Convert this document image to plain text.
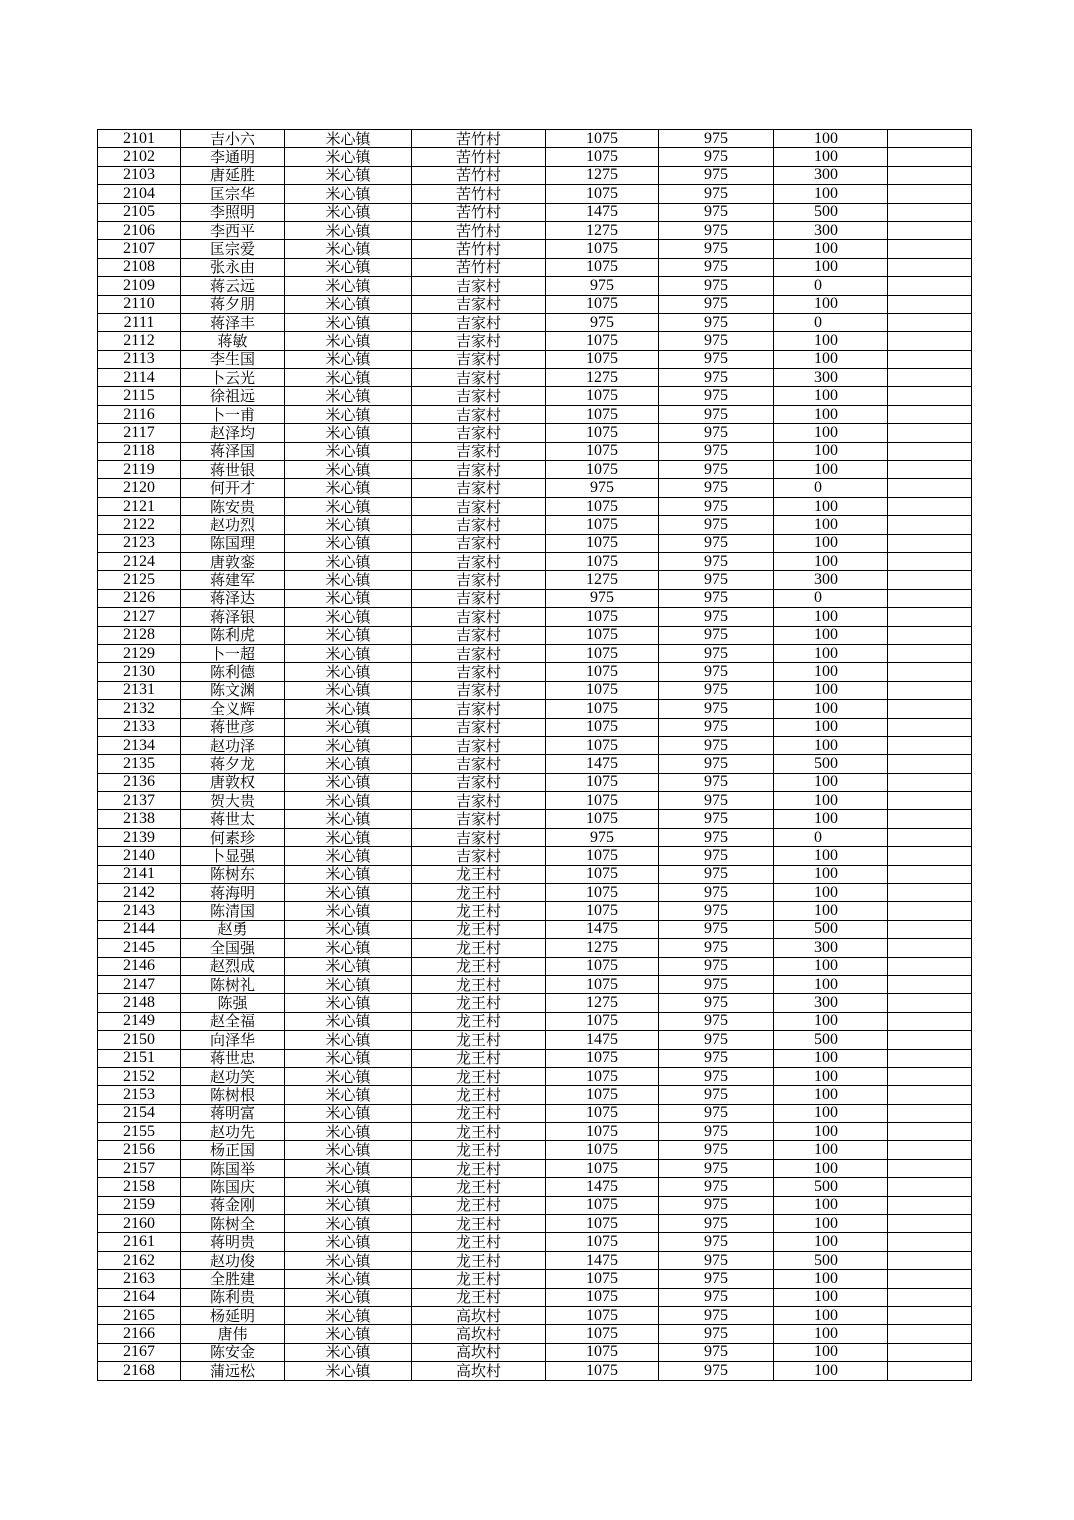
2101	吉小六	米心镇	苦竹村	1075	975	100	
2102	李通明	米心镇	苦竹村	1075	975	100	
2103	唐延胜	米心镇	苦竹村	1275	975	300	
2104	匡宗华	米心镇	苦竹村	1075	975	100	
2105	李照明	米心镇	苦竹村	1475	975	500	
2106	李西平	米心镇	苦竹村	1275	975	300	
2107	匡宗爱	米心镇	苦竹村	1075	975	100	
2108	张永由	米心镇	苦竹村	1075	975	100	
2109	蒋云远	米心镇	吉家村	975	975	0	
2110	蒋夕朋	米心镇	吉家村	1075	975	100	
2111	蒋泽丰	米心镇	吉家村	975	975	0	
2112	蒋敏	米心镇	吉家村	1075	975	100	
2113	李生国	米心镇	吉家村	1075	975	100	
2114	卜云光	米心镇	吉家村	1275	975	300	
2115	徐祖远	米心镇	吉家村	1075	975	100	
2116	卜一甫	米心镇	吉家村	1075	975	100	
2117	赵泽均	米心镇	吉家村	1075	975	100	
2118	蒋泽国	米心镇	吉家村	1075	975	100	
2119	蒋世银	米心镇	吉家村	1075	975	100	
2120	何开才	米心镇	吉家村	975	975	0	
2121	陈安贵	米心镇	吉家村	1075	975	100	
2122	赵功烈	米心镇	吉家村	1075	975	100	
2123	陈国理	米心镇	吉家村	1075	975	100	
2124	唐敦銮	米心镇	吉家村	1075	975	100	
2125	蒋建军	米心镇	吉家村	1275	975	300	
2126	蒋泽达	米心镇	吉家村	975	975	0	
2127	蒋泽银	米心镇	吉家村	1075	975	100	
2128	陈利虎	米心镇	吉家村	1075	975	100	
2129	卜一超	米心镇	吉家村	1075	975	100	
2130	陈利德	米心镇	吉家村	1075	975	100	
2131	陈文渊	米心镇	吉家村	1075	975	100	
2132	全义辉	米心镇	吉家村	1075	975	100	
2133	蒋世彦	米心镇	吉家村	1075	975	100	
2134	赵功泽	米心镇	吉家村	1075	975	100	
2135	蒋夕龙	米心镇	吉家村	1475	975	500	
2136	唐敦权	米心镇	吉家村	1075	975	100	
2137	贺大贵	米心镇	吉家村	1075	975	100	
2138	蒋世太	米心镇	吉家村	1075	975	100	
2139	何素珍	米心镇	吉家村	975	975	0	
2140	卜显强	米心镇	吉家村	1075	975	100	
2141	陈树东	米心镇	龙王村	1075	975	100	
2142	蒋海明	米心镇	龙王村	1075	975	100	
2143	陈清国	米心镇	龙王村	1075	975	100	
2144	赵勇	米心镇	龙王村	1475	975	500	
2145	全国强	米心镇	龙王村	1275	975	300	
2146	赵烈成	米心镇	龙王村	1075	975	100	
2147	陈树礼	米心镇	龙王村	1075	975	100	
2148	陈强	米心镇	龙王村	1275	975	300	
2149	赵全福	米心镇	龙王村	1075	975	100	
2150	向泽华	米心镇	龙王村	1475	975	500	
2151	蒋世忠	米心镇	龙王村	1075	975	100	
2152	赵功笑	米心镇	龙王村	1075	975	100	
2153	陈树根	米心镇	龙王村	1075	975	100	
2154	蒋明富	米心镇	龙王村	1075	975	100	
2155	赵功先	米心镇	龙王村	1075	975	100	
2156	杨正国	米心镇	龙王村	1075	975	100	
2157	陈国举	米心镇	龙王村	1075	975	100	
2158	陈国庆	米心镇	龙王村	1475	975	500	
2159	蒋金刚	米心镇	龙王村	1075	975	100	
2160	陈树全	米心镇	龙王村	1075	975	100	
2161	蒋明贵	米心镇	龙王村	1075	975	100	
2162	赵功俊	米心镇	龙王村	1475	975	500	
2163	全胜建	米心镇	龙王村	1075	975	100	
2164	陈利贵	米心镇	龙王村	1075	975	100	
2165	杨延明	米心镇	高坎村	1075	975	100	
2166	唐伟	米心镇	高坎村	1075	975	100	
2167	陈安金	米心镇	高坎村	1075	975	100	
2168	蒲远松	米心镇	高坎村	1075	975	100	
